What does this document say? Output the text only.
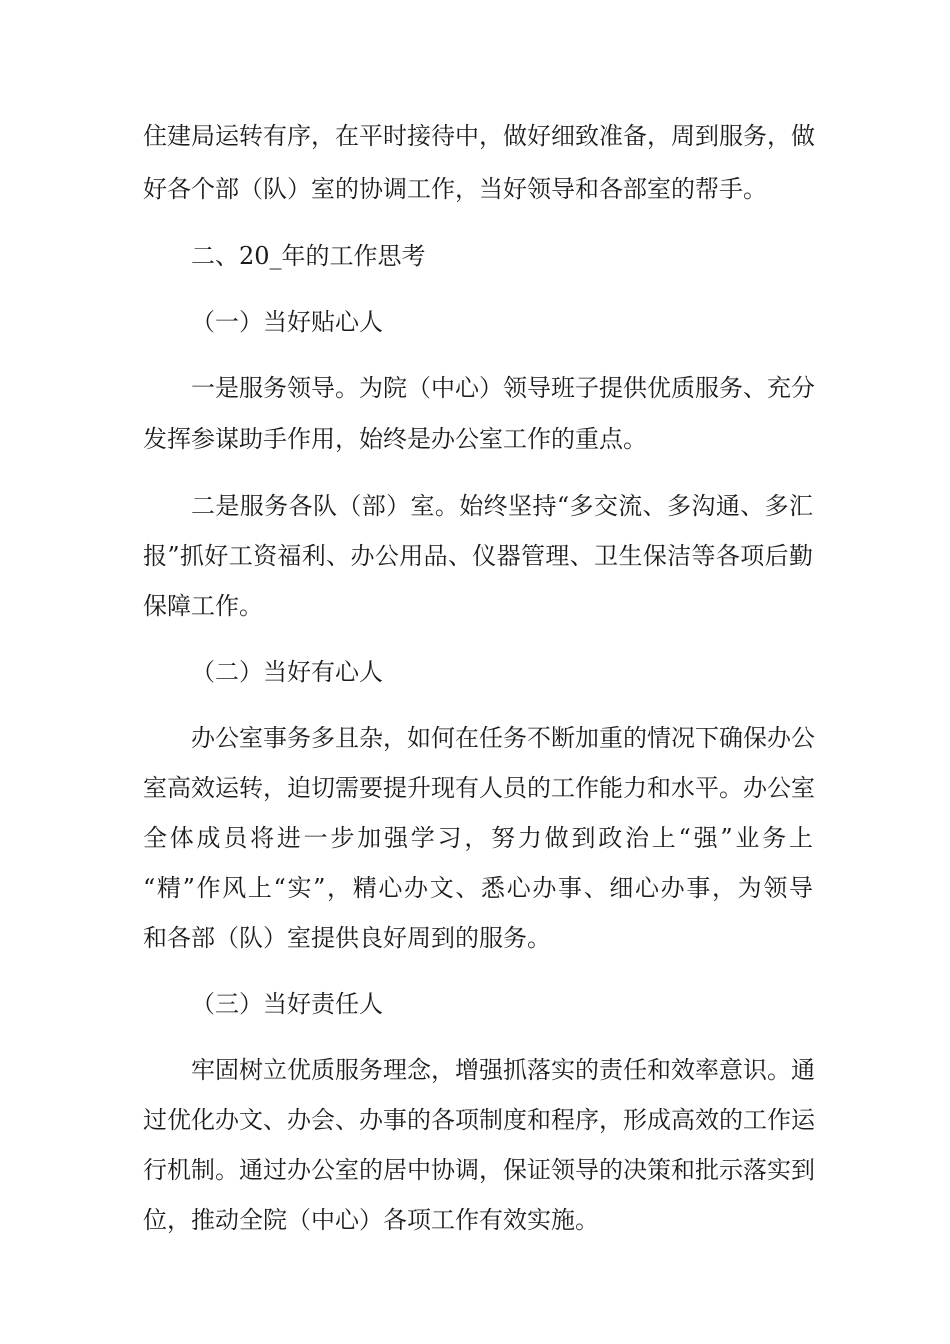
住建局运转有序，在平时接待中，做好细致准备，周到服务，做
好各个部（队）室的协调工作，当好领导和各部室的帮手。
二、20_年的工作思考
（一）当好贴心人
一是服务领导。为院（中心）领导班子提供优质服务、充分
发挥参谋助手作用，始终是办公室工作的重点。
二是服务各队（部）室。始终坚持“多交流、多沟通、多汇
报”抓好工资福利、办公用品、仪器管理、卫生保洁等各项后勤
保障工作。
（二）当好有心人
办公室事务多且杂，如何在任务不断加重的情况下确保办公
室高效运转，迫切需要提升现有人员的工作能力和水平。办公室
全体成员将进一步加强学习，努力做到政治上“强”业务上
“精”作风上“实”，精心办文、悉心办事、细心办事，为领导
和各部（队）室提供良好周到的服务。
（三）当好责任人
牢固树立优质服务理念，增强抓落实的责任和效率意识。通
过优化办文、办会、办事的各项制度和程序，形成高效的工作运
行机制。通过办公室的居中协调，保证领导的决策和批示落实到
位，推动全院（中心）各项工作有效实施。
